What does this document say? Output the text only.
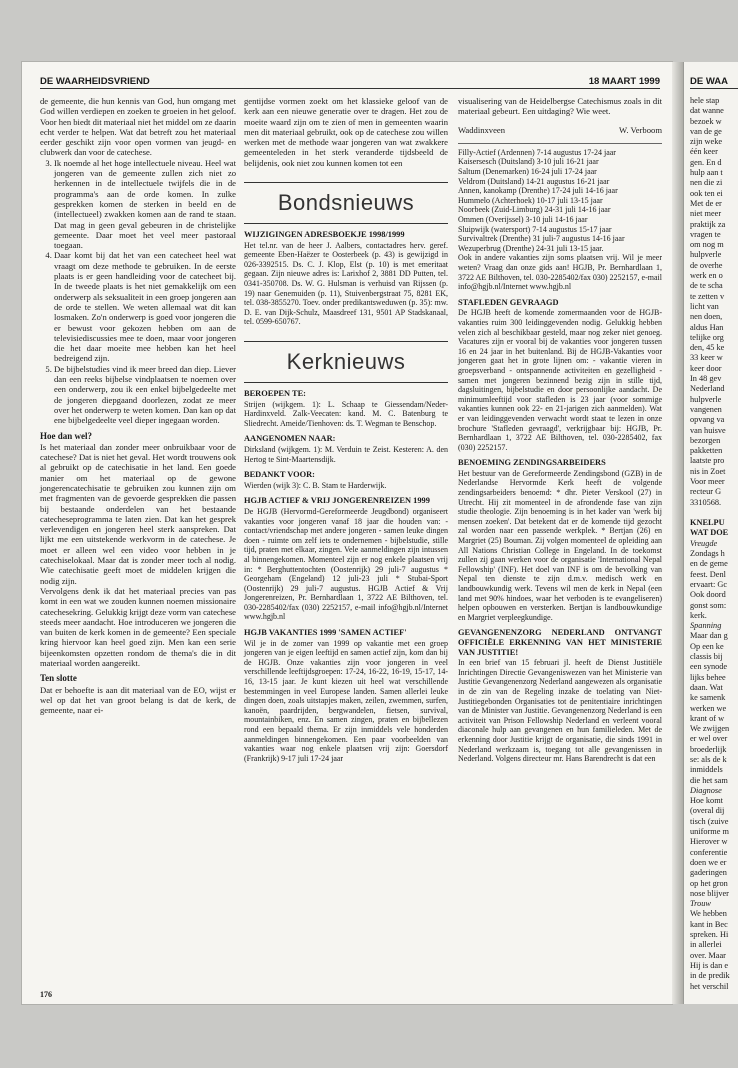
DE WAARHEIDSVRIEND	18 MAART 1999

de gemeente, die hun kennis van God, hun omgang met God willen verdiepen en zoeken te groeien in het geloof. Voor hen biedt dit materiaal niet het middel om ze daarin echt verder te helpen. Wat dat betreft zou het materiaal eerder geschikt zijn voor open vormen van jeugd- en clubwerk dan voor de catechese.

3. Ik noemde al het hoge intellectuele niveau. Heel wat jongeren van de gemeente zullen zich niet zo herkennen in de intellectuele twijfels die in de programma's aan de orde komen. In zulke gesprekken komen de sterken in beeld en de (intellectueel) zwakken komen aan de rand te staan. Dat mag in geen geval gebeuren in de christelijke gemeente. Daar moet het veel meer pastoraal toegaan.
4. Daar komt bij dat het van een catecheet heel wat vraagt om deze methode te gebruiken. In de eerste plaats is er geen handleiding voor de catecheet bij. In de tweede plaats is het niet gemakkelijk om een onderwerp als seksualiteit in een groep jongeren aan de orde te stellen. We weten allemaal wat dit kan losmaken. Zo'n onderwerp is goed voor jongeren die er bewust voor gekozen hebben om aan de televisiediscussies mee te doen, maar voor jongeren die het daar moeite mee hebben kan het heel bedreigend zijn.
5. De bijbelstudies vind ik meer breed dan diep. Liever dan een reeks bijbelse vindplaatsen te noemen over een onderwerp, zou ik een enkel bijbelgedeelte met de jongeren diepgaand doorlezen, zodat ze meer over het onderwerp te weten komen. Dan kan op dat ene bijbelgedeelte veel dieper ingegaan worden.
Hoe dan wel?

Is het materiaal dan zonder meer onbruikbaar voor de catechese? Dat is niet het geval. Het wordt trouwens ook al gebruikt op de catechisatie in het land. Een goede manier om het materiaal op de gewone jongerencatechisatie te gebruiken zou kunnen zijn om met fragmenten van de gevoerde gesprekken die passen bij bestaande onderdelen van het bestaande catecheseprogramma te laten zien. Dat kan het gesprek verlevendigen en jongeren heel sterk aanspreken. Dat lijkt me een uitstekende werkvorm in de catechese. Je moet er alleen wel een video voor hebben in je catechiselokaal. Maar dat is zonder meer toch al nodig. Wie catechisatie geeft moet de middelen krijgen die nodig zijn.

Vervolgens denk ik dat het materiaal precies van pas komt in een wat we zouden kunnen noemen missionaire catechesekring. Gelukkig krijgt deze vorm van catechese steeds meer aandacht. Hoe introduceren we jongeren die van buiten de kerk komen in de gemeente? Een speciale kring hiervoor kan heel goed zijn. Men kan een serie bijeenkomsten opzetten rondom de thema's die in dit materiaal worden aangereikt.

Ten slotte

Dat er behoefte is aan dit materiaal van de EO, wijst er wel op dat het van groot belang is dat de kerk, de gemeente, naar ei-

gentijdse vormen zoekt om het klassieke geloof van de kerk aan een nieuwe generatie over te dragen. Het zou de moeite waard zijn om te zien of men in gemeenten waarin men dit materiaal gebruikt, ook op de catechese zou willen werken met de methode waar jongeren van wat zwakkere gemeenteleden in het sterk veranderde tijdsbeeld de belijdenis, ook niet zou kunnen komen tot een

Bondsnieuws
WIJZIGINGEN ADRESBOEKJE 1998/1999

Het tel.nr. van de heer J. Aalbers, contactadres herv. geref. gemeente Eben-Haëzer te Oosterbeek (p. 43) is gewijzigd in 026-3392515. Ds. C. J. Klop, Elst (p. 10) is met emeritaat gegaan. Zijn nieuwe adres is: Larixhof 2, 3881 DD Putten, tel. 0341-350708. Ds. W. G. Hulsman is verhuisd van Rijssen (p. 19) naar Genemuiden (p. 11), Stuivenbergstraat 75, 8281 EK, tel. 038-3855270. Toev. onder predikantsweduwen (p. 35): mw. D. E. van Dijk-Schulz, Maasdreef 131, 9501 AP Stadskanaal, tel. 0599-650767.

Kerknieuws
BEROEPEN TE:

Strijen (wijkgem. 1): L. Schaap te Giessendam/Neder-Hardinxveld. Zalk-Veecaten: kand. M. C. Batenburg te Sliedrecht. Ameide/Tienhoven: ds. T. Wegman te Benschop.

AANGENOMEN NAAR:

Dirksland (wijkgem. 1): M. Verduin te Zeist. Kesteren: A. den Hertog te Sint-Maartensdijk.

BEDANKT VOOR:

Wierden (wijk 3): C. B. Stam te Harderwijk.

HGJB ACTIEF & VRIJ JONGERENREIZEN 1999

De HGJB (Hervormd-Gereformeerde Jeugdbond) organiseert vakanties voor jongeren vanaf 18 jaar die houden van: - contact/vriendschap met andere jongeren - samen leuke dingen doen - ruimte om zelf iets te ondernemen - bijbelstudie, stille tijd, praten met elkaar, zingen. Vele aanmeldingen zijn intussen al binnengekomen. Momenteel zijn er nog enkele plaatsen vrij in: * Berghuttentochten (Oostenrijk) 29 juli-7 augustus * Georgeham (Engeland) 12 juli-23 juli * Stubai-Sport (Oostenrijk) 29 juli-7 augustus. HGJB Actief & Vrij Jongerenreizen, Pr. Bernhardlaan 1, 3722 AE Bilthoven, tel. 030-2285402/fax (030) 2252157, e-mail info@hgjb.nl/Internet www.hgjb.nl

HGJB VAKANTIES 1999 'SAMEN ACTIEF'

Wil je in de zomer van 1999 op vakantie met een groep jongeren van je eigen leeftijd en samen actief zijn, kom dan bij de HGJB. Onze vakanties zijn voor jongeren in veel verschillende leeftijdsgroepen: 17-24, 16-22, 16-19, 15-17, 14-16, 13-15 jaar. Je kunt kiezen uit heel wat verschillende bestemmingen in veel Europese landen. Samen allerlei leuke dingen doen, zoals uitstapjes maken, zeilen, zwemmen, surfen, kanoën, paardrijden, bergwandelen, fietsen, survival, mountainbiken, enz. En samen zingen, praten en bijbellezen rond een bepaald thema. Er zijn inmiddels vele honderden aanmeldingen binnengekomen. Een paar voorbeelden van vakanties waar nog enkele plaatsen vrij zijn: Goersdorf (Frankrijk) 9-17 juli 17-24 jaar

visualisering van de Heidelbergse Catechismus zoals in dit materiaal gebeurt. Een uitdaging? Wie weet.

Waddinxveen	W. Verboom
Filly-Actief (Ardennen) 7-14 augustus 17-24 jaar
Kaisersesch (Duitsland) 3-10 juli 16-21 jaar
Saltum (Denemarken) 16-24 juli 17-24 jaar
Veldrom (Duitsland) 14-21 augustus 16-21 jaar
Annen, kanokamp (Drenthe) 17-24 juli 14-16 jaar
Hummelo (Achterhoek) 10-17 juli 13-15 jaar
Noorbeek (Zuid-Limburg) 24-31 juli 14-16 jaar
Ommen (Overijssel) 3-10 juli 14-16 jaar
Sluipwijk (watersport) 7-14 augustus 15-17 jaar
Survivaltrek (Drenthe) 31 juli-7 augustus 14-16 jaar
Wezuperbrug (Drenthe) 24-31 juli 13-15 jaar.

Ook in andere vakanties zijn soms plaatsen vrij. Wil je meer weten? Vraag dan onze gids aan! HGJB, Pr. Bernhardlaan 1, 3722 AE Bilthoven, tel. 030-2285402/fax 030) 2252157, e-mail info@hgjb.nl/Internet www.hgjb.nl

STAFLEDEN GEVRAAGD

De HGJB heeft de komende zomermaanden voor de HGJB-vakanties ruim 300 leidinggevenden nodig. Gelukkig hebben velen zich al beschikbaar gesteld, maar nog zeker niet genoeg. Vacatures zijn er vooral bij de vakanties voor jongeren tussen 16 en 24 jaar in het buitenland. Bij de HGJB-Vakanties voor jongeren gaat het in grote lijnen om: - vakantie vieren in groepsverband - ontspannende activiteiten en gezelligheid - samen met jongeren bezinnend bezig zijn in stille tijd, dagsluitingen, bijbelstudie en door persoonlijke aandacht. De minimumleeftijd voor stafleden is 23 jaar (voor sommige vakanties kunnen ook 22- en 21-jarigen zich aanmelden). Wat er van leidinggevenden verwacht wordt staat te lezen in onze brochure 'Stafleden gevraagd', verkrijgbaar bij: HGJB, Pr. Bernhardlaan 1, 3722 AE Bilthoven, tel. 030-2285402, fax (030) 2252157.

BENOEMING ZENDINGSARBEIDERS

Het bestuur van de Gereformeerde Zendingsbond (GZB) in de Nederlandse Hervormde Kerk heeft de volgende zendingsarbeiders benoemd: * dhr. Pieter Verskool (27) in Utrecht. Hij zit momenteel in de afrondende fase van zijn studie theologie. Zijn benoeming is in het kader van 'werk bij mensen zoeken'. Dat betekent dat er de komende tijd gezocht zal worden naar een passende werkplek. * Bertjan (26) en Margriet (25) Bouman. Zij volgen momenteel de opleiding aan All Nations Christian College in Engeland. In de toekomst zullen zij gaan werken voor de organisatie 'International Nepal Fellowship' (INF). Het doel van INF is om de bevolking van Nepal ten dienste te zijn d.m.v. medisch werk en landbouwkundig werk. Tevens wil men de kerk in Nepal (een land met 90% hindoes, waar het verboden is te evangeliseren) helpen opbouwen en versterken. Bertjan is landbouwkundige en Margriet verpleegkundige.

GEVANGENENZORG NEDERLAND ONTVANGT OFFICIËLE ERKENNING VAN HET MINISTERIE VAN JUSTITIE!

In een brief van 15 februari jl. heeft de Dienst Justitiële Inrichtingen Directie Gevangeniswezen van het Ministerie van Justitie Gevangenenzorg Nederland aangewezen als organisatie in de zin van de Regeling inzake de toelating van Niet-Justitiegebonden Organisaties tot de penitentiaire inrichtingen van de Minister van Justitie. Gevangenenzorg Nederland is een activiteit van Prison Fellowship Nederland en verleent vooral diaconale hulp aan gevangenen en hun familieleden. Met de erkenning door Justitie krijgt de organisatie, die sinds 1991 in Nederland werkzaam is, toegang tot alle gevangenissen in Nederland. Volgens directeur mr. Hans Barendrecht is dat een

176
DE WAA
hele stap
dat wanne
bezoek w
van de ge
zijn weke
één keer
gen. En d
hulp aan t
nen die zi
ook ten ei
Met de er
niet meer
praktijk za
vragen te
om nog m
hulpverle
de overhe
werk en o
de te scha
te zetten v
licht van
nen doen,
aldus Han
telijke org
den, 45 ke
33 keer w
keer door
In 48 gev
Nederland
hulpverle
vangenen
opvang va
van huisve
bezorgen
pakketten
laatste pro
nis in Zoet
Voor meer
recteur G
3310568.

KNELPU
WAT DOE
Vreugde
Zondags h
en de geme
feest. Denl
ervaart: Gc
Ook doord
gonst som:
kerk.
Spanning
Maar dan g
Op een ke
classis bij
een synode
lijks behee
daan. Wat
ke samenk
werken we
krant of w
We zwijgen
er wel over
broederlijk
se: als de k
inmiddels
die het sam
Diagnose
Hoe komt
(overal dij
tisch (zuive
uniforme m
Hierover w
conferentie
doen we er
gaderingen
op het gron
nose blijver
Trouw
We hebben
kant in Bec
spreken. Hi
in allerlei
over. Maar
Hij is dan e
in de predik
het verschil
